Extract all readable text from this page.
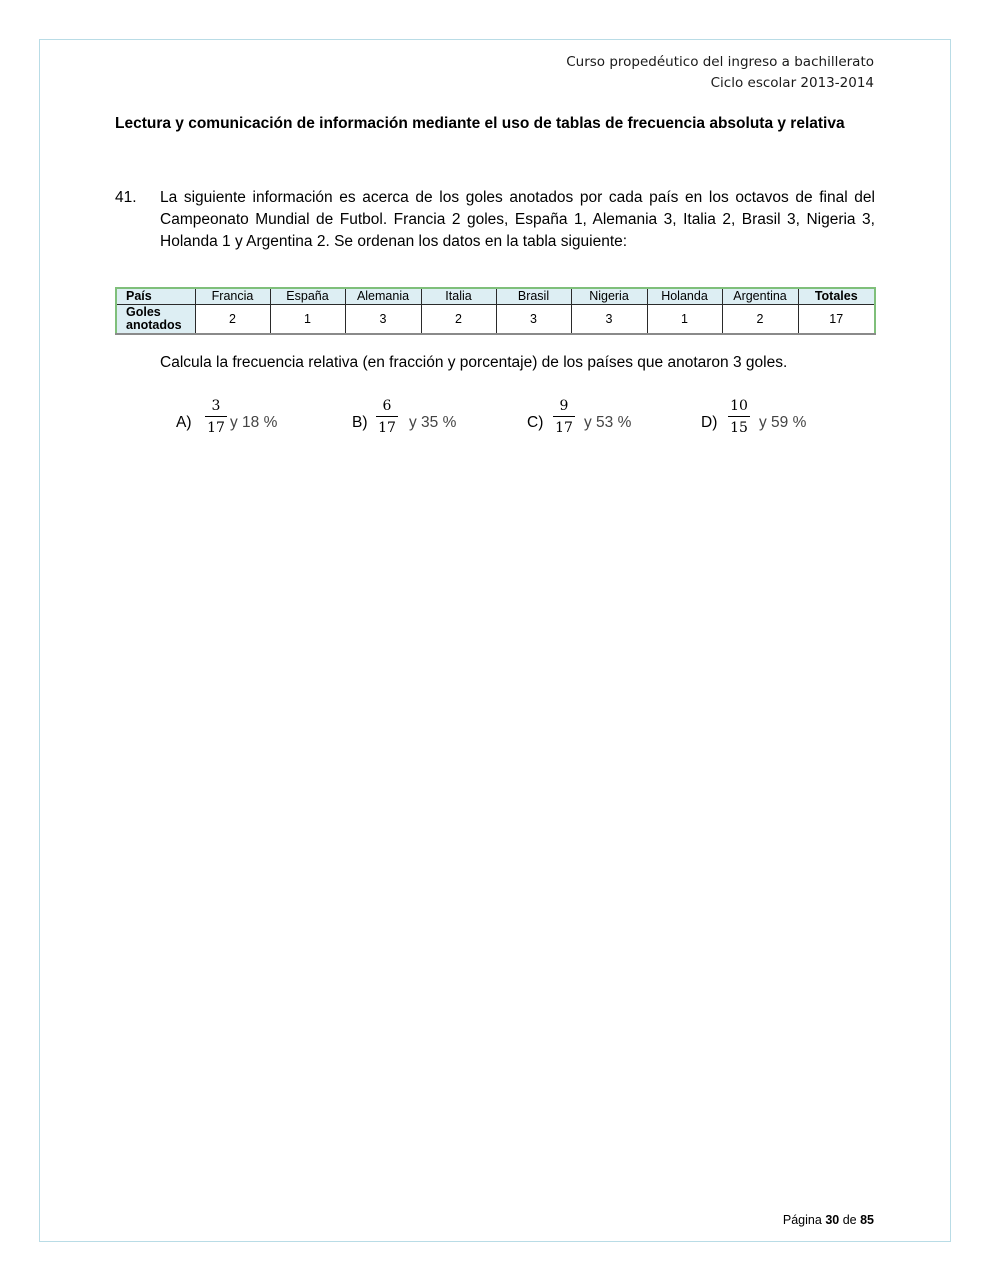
Curso propedéutico del ingreso a bachillerato
Ciclo escolar 2013-2014
Lectura y comunicación de información mediante el uso de tablas de frecuencia absoluta y relativa
41. La siguiente información es acerca de los goles anotados por cada país en los octavos de final del Campeonato Mundial de Futbol. Francia 2 goles, España 1, Alemania 3, Italia 2, Brasil 3, Nigeria 3, Holanda 1 y Argentina 2. Se ordenan los datos en la tabla siguiente:
País	Francia	España	Alemania	Italia	Brasil	Nigeria	Holanda	Argentina	Totales
Goles anotados	2	1	3	2	3	3	1	2	17
Calcula la frecuencia relativa (en fracción y porcentaje) de los países que anotaron 3 goles.
$A) \frac{3}{17}$ y 18 %	$B) \frac{6}{17}$ y 35 %	$C) \frac{9}{17}$ y 53 %	$D) \frac{10}{15}$ y 59 %
Página 30 de 85
